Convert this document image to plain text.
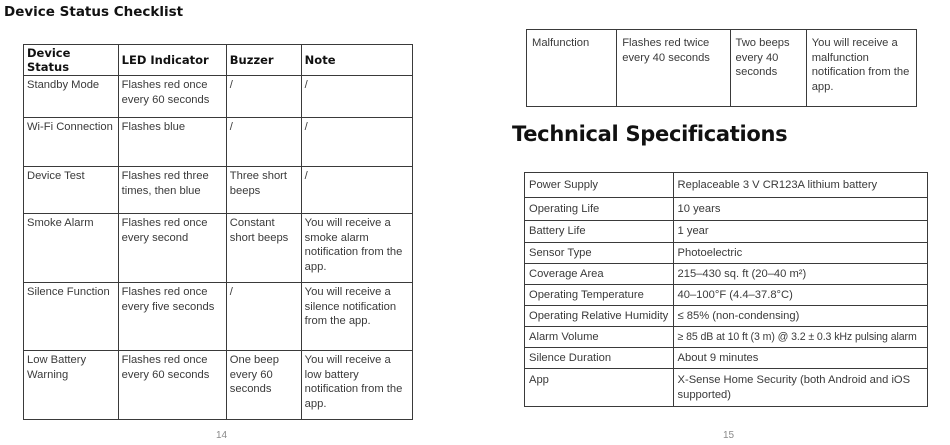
Device Status Checklist
Device Status	LED Indicator	Buzzer	Note
Standby Mode	Flashes red once every 60 seconds	/	/
Wi-Fi Connection	Flashes blue	/	/
Device Test	Flashes red three times, then blue	Three short beeps	/
Smoke Alarm	Flashes red once every second	Constant short beeps	You will receive a smoke alarm notification from the app.
Silence Function	Flashes red once every five seconds	/	You will receive a silence notification from the app.
Low Battery Warning	Flashes red once every 60 seconds	One beep every 60 seconds	You will receive a low battery notification from the app.

14

Malfunction	Flashes red twice every 40 seconds	Two beeps every 40 seconds	You will receive a malfunction notification from the app.
Technical Specifications
Power Supply	Replaceable 3 V CR123A lithium battery
Operating Life	10 years
Battery Life	1 year
Sensor Type	Photoelectric
Coverage Area	215–430 sq. ft (20–40 m²)
Operating Temperature	40–100°F (4.4–37.8°C)
Operating Relative Humidity	≤ 85% (non-condensing)
Alarm Volume	≥ 85 dB at 10 ft (3 m) @ 3.2 ± 0.3 kHz pulsing alarm
Silence Duration	About 9 minutes
App	X-Sense Home Security (both Android and iOS supported)

15
